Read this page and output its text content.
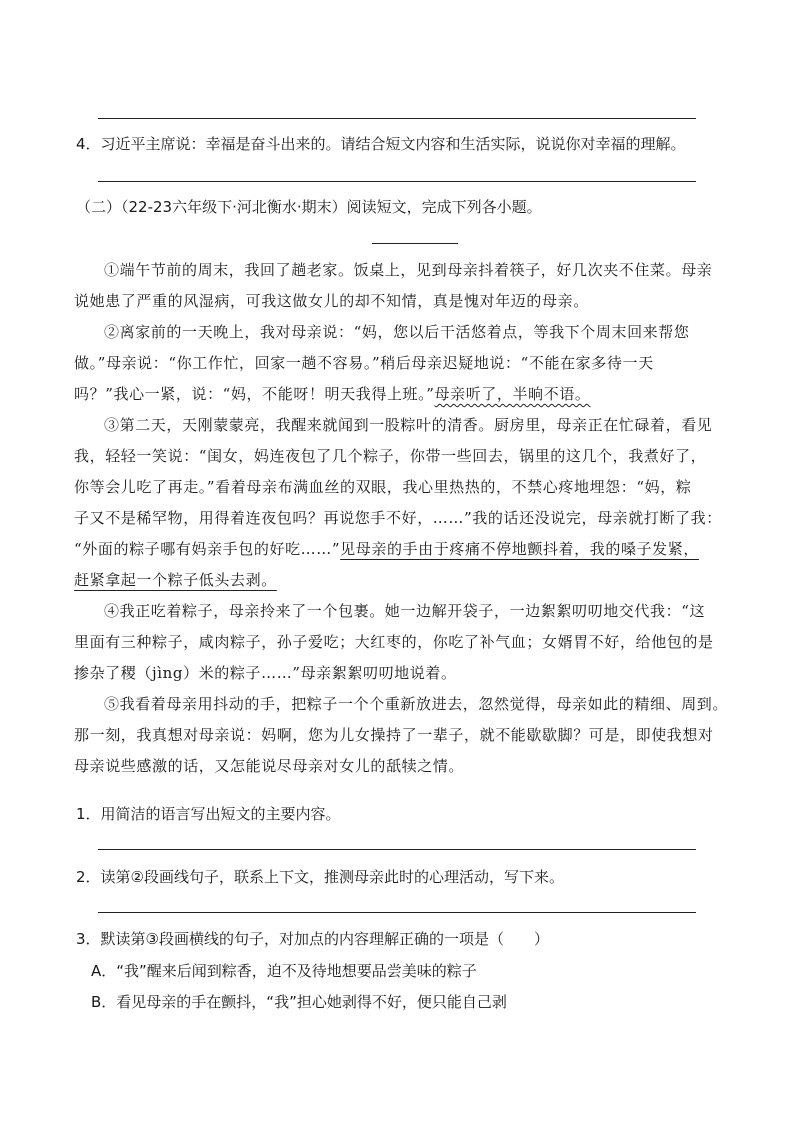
4．习近平主席说：幸福是奋斗出来的。请结合短文内容和生活实际，说说你对幸福的理解。
（二）（22-23六年级下·河北衡水·期末）阅读短文，完成下列各小题。
①端午节前的周末，我回了趟老家。饭桌上，见到母亲抖着筷子，好几次夹不住菜。母亲
说她患了严重的风湿病，可我这做女儿的却不知情，真是愧对年迈的母亲。
②离家前的一天晚上，我对母亲说：“妈，您以后干活悠着点，等我下个周末回来帮您
做。”母亲说：“你工作忙，回家一趟不容易。”稍后母亲迟疑地说：“不能在家多待一天
吗？”我心一紧，说：“妈，不能呀！明天我得上班。”母亲听了，半晌不语。
③第二天，天刚蒙蒙亮，我醒来就闻到一股粽叶的清香。厨房里，母亲正在忙碌着，看见
我，轻轻一笑说：“闺女，妈连夜包了几个粽子，你带一些回去，锅里的这几个，我煮好了，
你等会儿吃了再走。”看着母亲布满血丝的双眼，我心里热热的，不禁心疼地埋怨：“妈，粽
子又不是稀罕物，用得着连夜包吗？再说您手不好，……”我的话还没说完，母亲就打断了我：
“外面的粽子哪有妈亲手包的好吃……”见母亲的手由于疼痛不停地颤抖着，我的嗓子发紧，
赶紧拿起一个粽子低头去剥。
④我正吃着粽子，母亲拎来了一个包裹。她一边解开袋子，一边絮絮叨叨地交代我：“这
里面有三种粽子，咸肉粽子，孙子爱吃；大红枣的，你吃了补气血；女婿胃不好，给他包的是
掺杂了稷（jìng）米的粽子……”母亲絮絮叨叨地说着。
⑤我看着母亲用抖动的手，把粽子一个个重新放进去，忽然觉得，母亲如此的精细、周到。
那一刻，我真想对母亲说：妈啊，您为儿女操持了一辈子，就不能歇歇脚？可是，即使我想对
母亲说些感激的话，又怎能说尽母亲对女儿的舐犊之情。
1．用简洁的语言写出短文的主要内容。
2．读第②段画线句子，联系上下文，推测母亲此时的心理活动，写下来。
3．默读第③段画横线的句子，对加点的内容理解正确的一项是（　　）
A．“我”醒来后闻到粽香，迫不及待地想要品尝美味的粽子
B．看见母亲的手在颤抖，“我”担心她剥得不好，便只能自己剥
